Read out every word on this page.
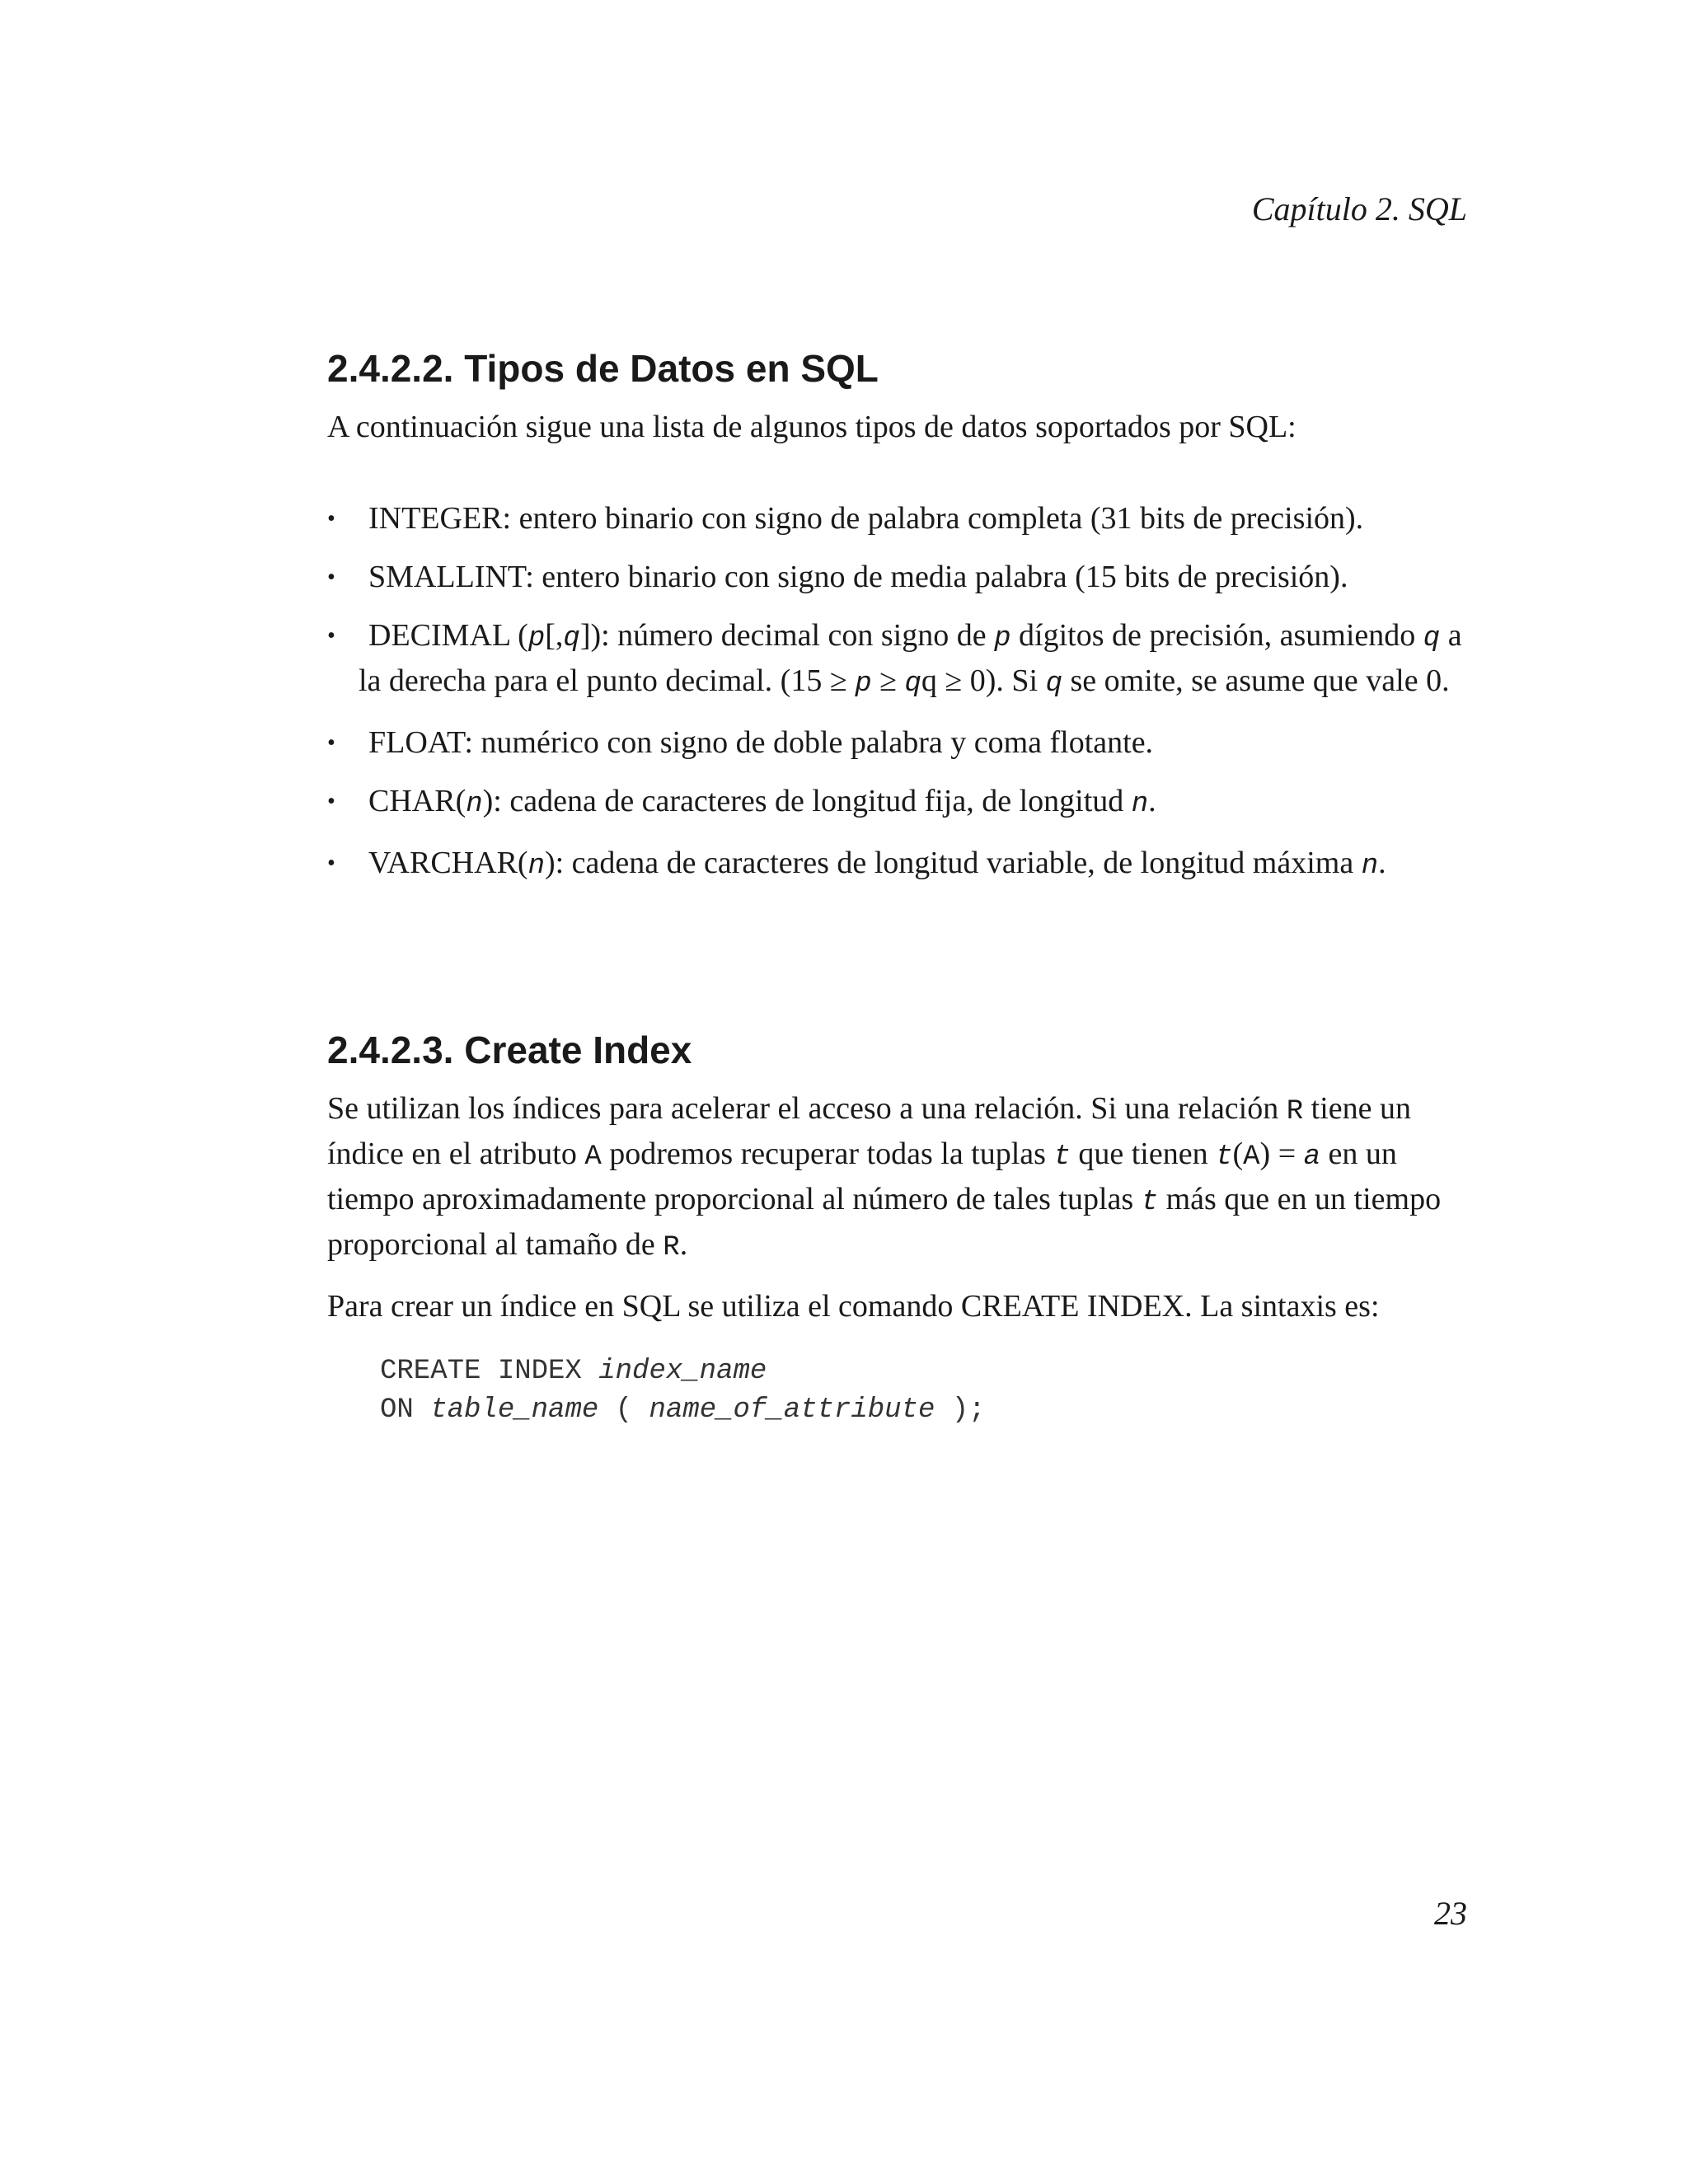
Capítulo 2. SQL

2.4.2.2. Tipos de Datos en SQL

A continuación sigue una lista de algunos tipos de datos soportados por SQL:

• INTEGER: entero binario con signo de palabra completa (31 bits de precisión).
• SMALLINT: entero binario con signo de media palabra (15 bits de precisión).
• DECIMAL (p[,q]): número decimal con signo de p dígitos de precisión, asumiendo q a la derecha para el punto decimal. (15 ≥ p ≥ qq ≥ 0). Si q se omite, se asume que vale 0.
• FLOAT: numérico con signo de doble palabra y coma flotante.
• CHAR(n): cadena de caracteres de longitud fija, de longitud n.
• VARCHAR(n): cadena de caracteres de longitud variable, de longitud máxima n.
2.4.2.3. Create Index

Se utilizan los índices para acelerar el acceso a una relación. Si una relación R tiene un índice en el atributo A podremos recuperar todas la tuplas t que tienen t(A) = a en un tiempo aproximadamente proporcional al número de tales tuplas t más que en un tiempo proporcional al tamaño de R.

Para crear un índice en SQL se utiliza el comando CREATE INDEX. La sintaxis es:

CREATE INDEX index_name
ON table_name ( name_of_attribute );

23
